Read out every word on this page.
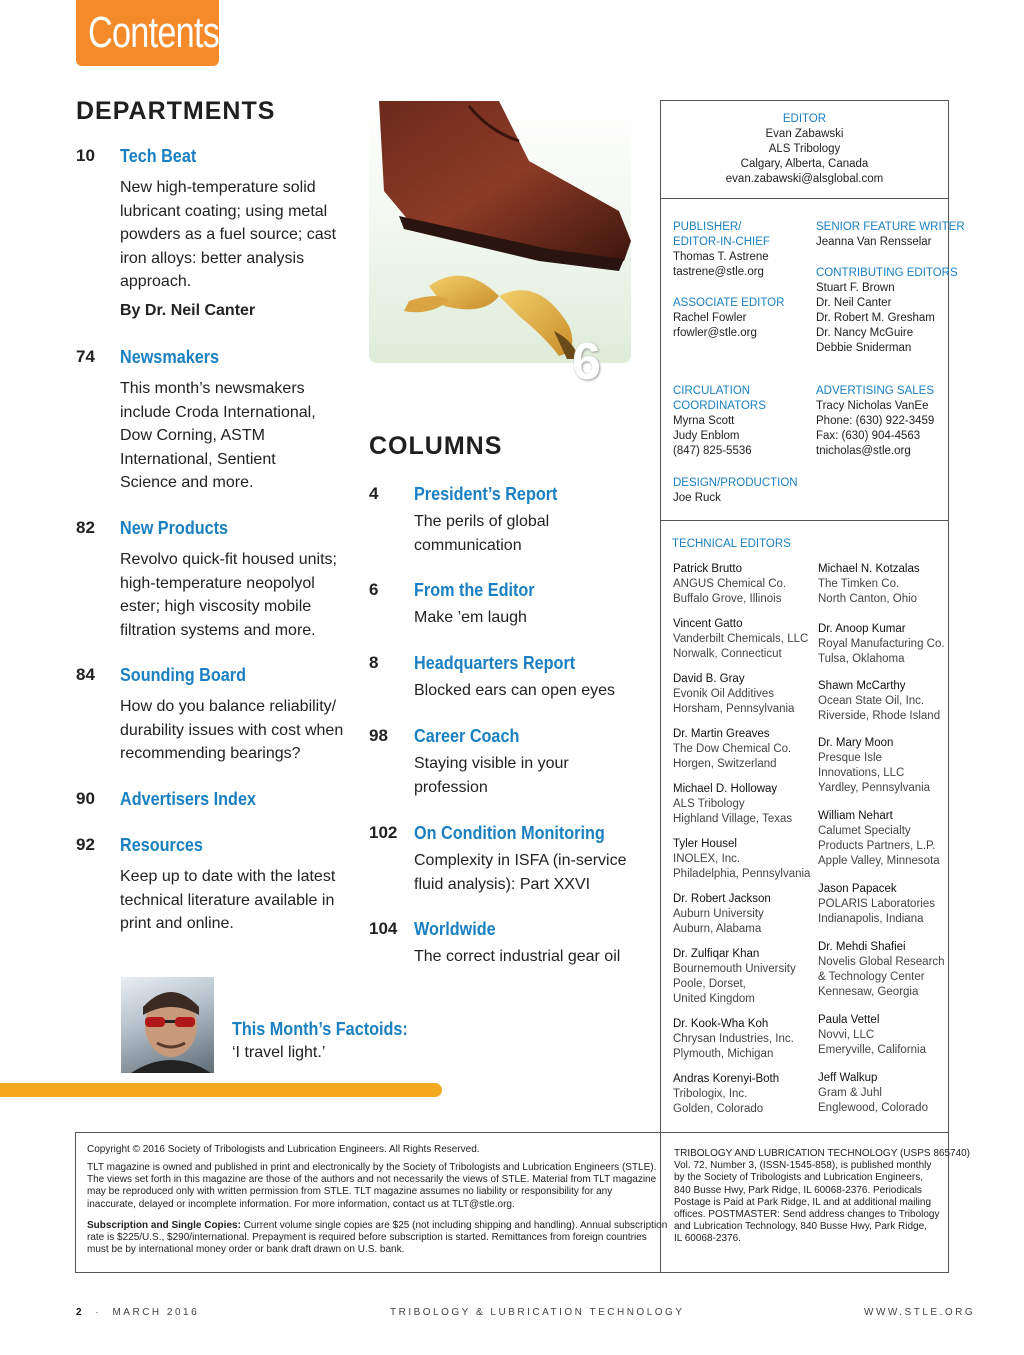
Contents
DEPARTMENTS
10 Tech Beat
New high-temperature solid
lubricant coating; using metal
powders as a fuel source; cast
iron alloys: better analysis
approach.
By Dr. Neil Canter
74 Newsmakers
This month’s newsmakers
include Croda International,
Dow Corning, ASTM
International, Sentient
Science and more.
82 New Products
Revolvo quick-fit housed units;
high-temperature neopolyol
ester; high viscosity mobile
filtration systems and more.
84 Sounding Board
How do you balance reliability/
durability issues with cost when
recommending bearings?
90 Advertisers Index
92 Resources
Keep up to date with the latest
technical literature available in
print and online.
6
COLUMNS
4 President’s Report
The perils of global
communication
6 From the Editor
Make ’em laugh
8 Headquarters Report
Blocked ears can open eyes
98 Career Coach
Staying visible in your
profession
102 On Condition Monitoring
Complexity in ISFA (in-service
fluid analysis): Part XXVI
104 Worldwide
The correct industrial gear oil
This Month’s Factoids:
‘I travel light.’
EDITOR
Evan Zabawski
ALS Tribology
Calgary, Alberta, Canada
evan.zabawski@alsglobal.com
PUBLISHER/
EDITOR-IN-CHIEF
Thomas T. Astrene
tastrene@stle.org
ASSOCIATE EDITOR
Rachel Fowler
rfowler@stle.org
CIRCULATION
COORDINATORS
Myrna Scott
Judy Enblom
(847) 825-5536
DESIGN/PRODUCTION
Joe Ruck
SENIOR FEATURE WRITER
Jeanna Van Rensselar
CONTRIBUTING EDITORS
Stuart F. Brown
Dr. Neil Canter
Dr. Robert M. Gresham
Dr. Nancy McGuire
Debbie Sniderman
ADVERTISING SALES
Tracy Nicholas VanEe
Phone: (630) 922-3459
Fax: (630) 904-4563
tnicholas@stle.org
TECHNICAL EDITORS
Patrick Brutto
ANGUS Chemical Co.
Buffalo Grove, Illinois
Vincent Gatto
Vanderbilt Chemicals, LLC
Norwalk, Connecticut
David B. Gray
Evonik Oil Additives
Horsham, Pennsylvania
Dr. Martin Greaves
The Dow Chemical Co.
Horgen, Switzerland
Michael D. Holloway
ALS Tribology
Highland Village, Texas
Tyler Housel
INOLEX, Inc.
Philadelphia, Pennsylvania
Dr. Robert Jackson
Auburn University
Auburn, Alabama
Dr. Zulfiqar Khan
Bournemouth University
Poole, Dorset,
United Kingdom
Dr. Kook-Wha Koh
Chrysan Industries, Inc.
Plymouth, Michigan
Andras Korenyi-Both
Tribologix, Inc.
Golden, Colorado
Michael N. Kotzalas
The Timken Co.
North Canton, Ohio
Dr. Anoop Kumar
Royal Manufacturing Co.
Tulsa, Oklahoma
Shawn McCarthy
Ocean State Oil, Inc.
Riverside, Rhode Island
Dr. Mary Moon
Presque Isle
Innovations, LLC
Yardley, Pennsylvania
William Nehart
Calumet Specialty
Products Partners, L.P.
Apple Valley, Minnesota
Jason Papacek
POLARIS Laboratories
Indianapolis, Indiana
Dr. Mehdi Shafiei
Novelis Global Research
& Technology Center
Kennesaw, Georgia
Paula Vettel
Novvi, LLC
Emeryville, California
Jeff Walkup
Gram & Juhl
Englewood, Colorado
Copyright © 2016 Society of Tribologists and Lubrication Engineers. All Rights Reserved.
TLT magazine is owned and published in print and electronically by the Society of Tribologists and Lubrication Engineers (STLE).
The views set forth in this magazine are those of the authors and not necessarily the views of STLE. Material from TLT magazine
may be reproduced only with written permission from STLE. TLT magazine assumes no liability or responsibility for any
inaccurate, delayed or incomplete information. For more information, contact us at TLT@stle.org.
Subscription and Single Copies: Current volume single copies are $25 (not including shipping and handling). Annual subscription
rate is $225/U.S., $290/international. Prepayment is required before subscription is started. Remittances from foreign countries
must be by international money order or bank draft drawn on U.S. bank.
TRIBOLOGY AND LUBRICATION TECHNOLOGY (USPS 865740)
Vol. 72, Number 3, (ISSN-1545-858), is published monthly
by the Society of Tribologists and Lubrication Engineers,
840 Busse Hwy, Park Ridge, IL 60068-2376. Periodicals
Postage is Paid at Park Ridge, IL and at additional mailing
offices. POSTMASTER: Send address changes to Tribology
and Lubrication Technology, 840 Busse Hwy, Park Ridge,
IL 60068-2376.
2 · MARCH 2016	TRIBOLOGY & LUBRICATION TECHNOLOGY	WWW.STLE.ORG
